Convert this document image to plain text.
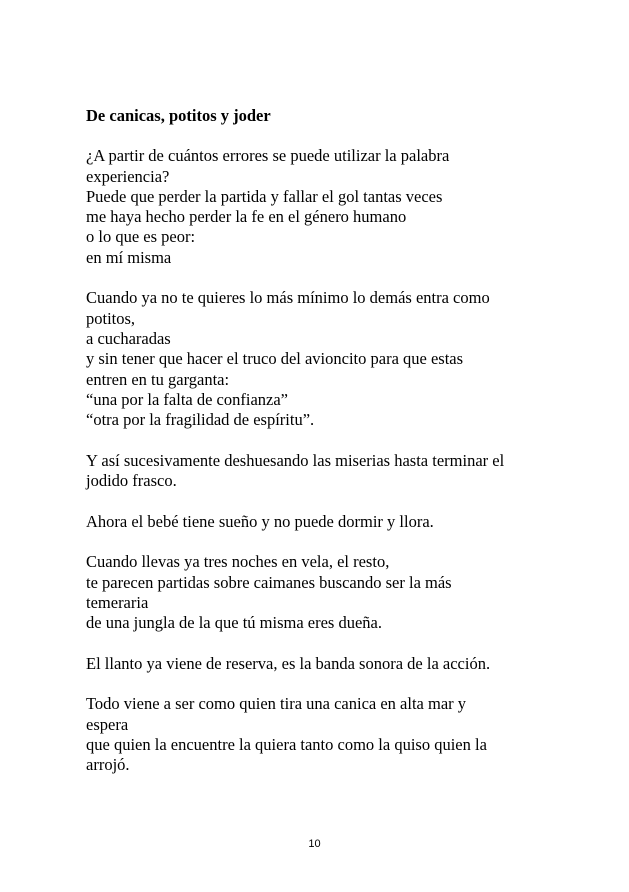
De canicas, potitos y joder
¿A partir de cuántos errores se puede utilizar la palabra
experiencia?
Puede que perder la partida y fallar el gol tantas veces
me haya hecho perder la fe en el género humano
o lo que es peor:
en mí misma
Cuando ya no te quieres lo más mínimo lo demás entra como
potitos,
a cucharadas
y sin tener que hacer el truco del avioncito para que estas
entren en tu garganta:
“una por la falta de confianza”
“otra por la fragilidad de espíritu”.
Y así sucesivamente deshuesando las miserias hasta terminar el
jodido frasco.
Ahora el bebé tiene sueño y no puede dormir y llora.
Cuando llevas ya tres noches en vela, el resto,
te parecen partidas sobre caimanes buscando ser la más
temeraria
de una jungla de la que tú misma eres dueña.
El llanto ya viene de reserva, es la banda sonora de la acción.
Todo viene a ser como quien tira una canica en alta mar y
espera
que quien la encuentre la quiera tanto como la quiso quien la
arrojó.
10
